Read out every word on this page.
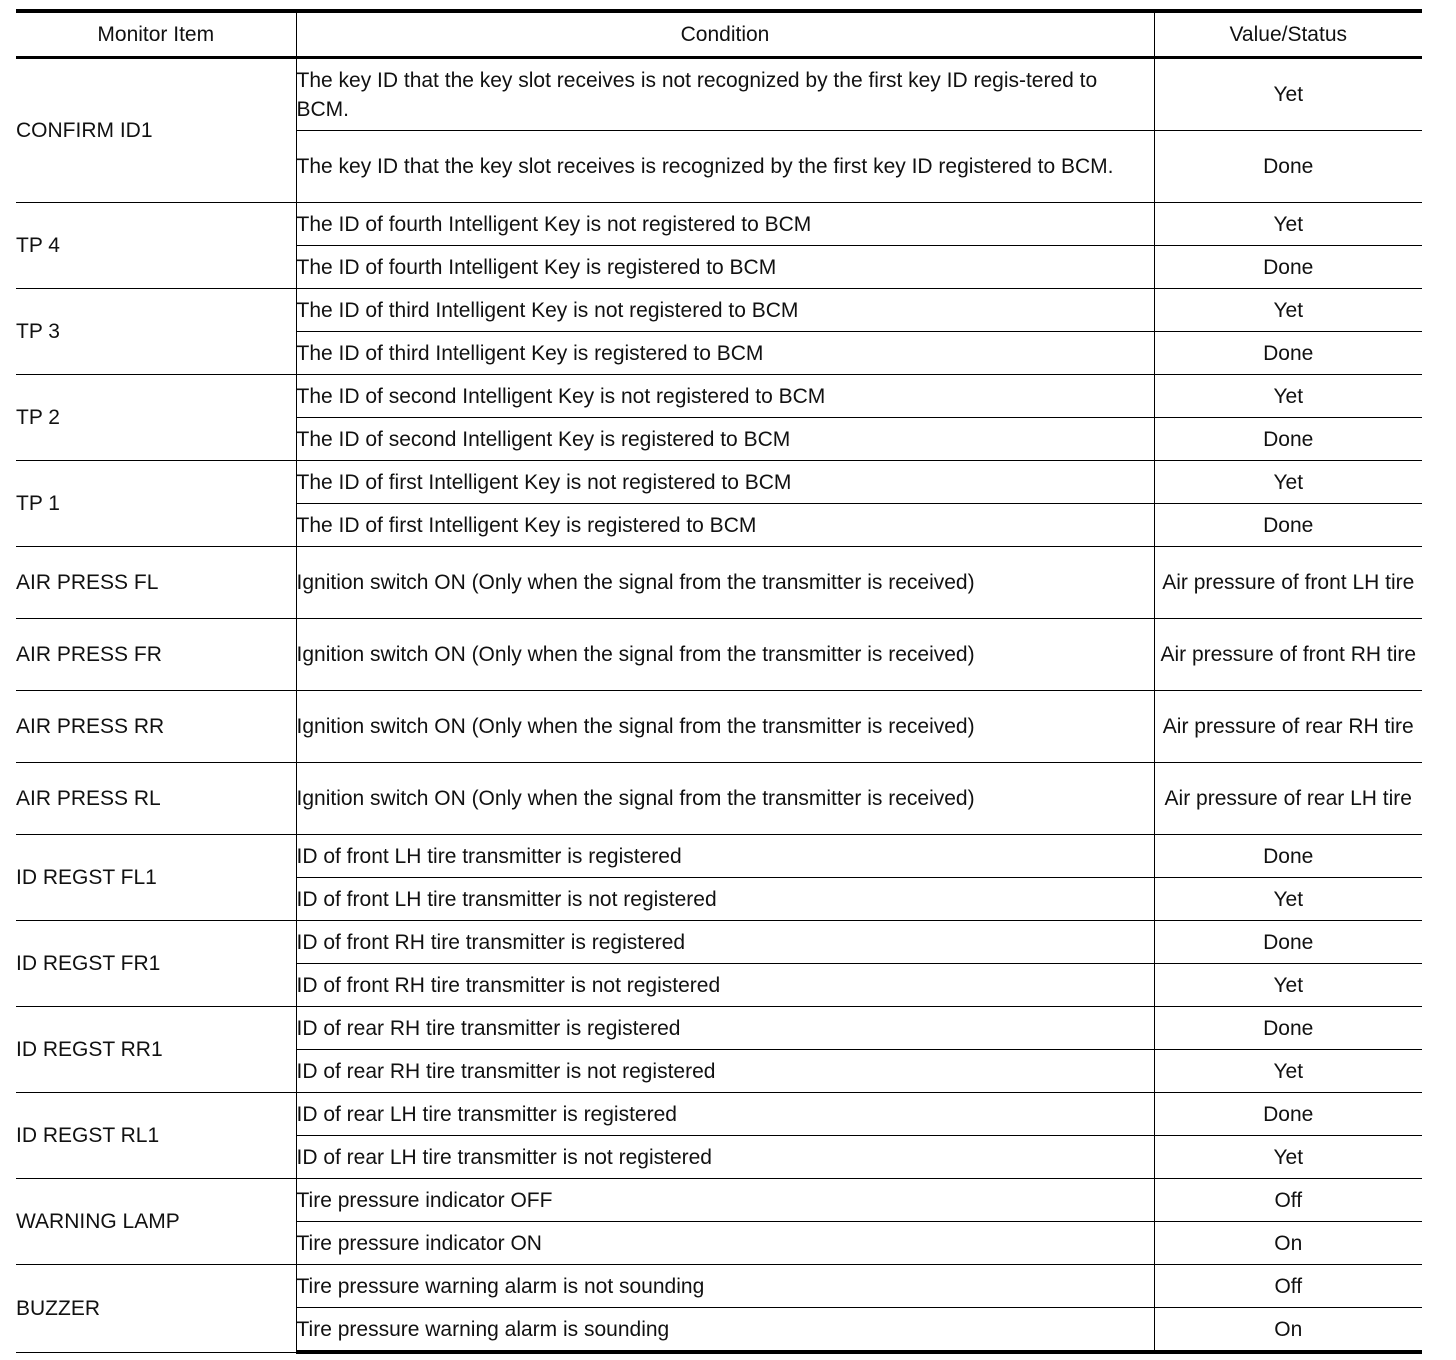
Monitor Item	Condition	Value/Status
CONFIRM ID1	The key ID that the key slot receives is not recognized by the first key ID regis-tered to BCM.	Yet
	The key ID that the key slot receives is recognized by the first key ID registered to BCM.	Done
TP 4	The ID of fourth Intelligent Key is not registered to BCM	Yet
	The ID of fourth Intelligent Key is registered to BCM	Done
TP 3	The ID of third Intelligent Key is not registered to BCM	Yet
	The ID of third Intelligent Key is registered to BCM	Done
TP 2	The ID of second Intelligent Key is not registered to BCM	Yet
	The ID of second Intelligent Key is registered to BCM	Done
TP 1	The ID of first Intelligent Key is not registered to BCM	Yet
	The ID of first Intelligent Key is registered to BCM	Done
AIR PRESS FL	Ignition switch ON (Only when the signal from the transmitter is received)	Air pressure of front LH tire
AIR PRESS FR	Ignition switch ON (Only when the signal from the transmitter is received)	Air pressure of front RH tire
AIR PRESS RR	Ignition switch ON (Only when the signal from the transmitter is received)	Air pressure of rear RH tire
AIR PRESS RL	Ignition switch ON (Only when the signal from the transmitter is received)	Air pressure of rear LH tire
ID REGST FL1	ID of front LH tire transmitter is registered	Done
	ID of front LH tire transmitter is not registered	Yet
ID REGST FR1	ID of front RH tire transmitter is registered	Done
	ID of front RH tire transmitter is not registered	Yet
ID REGST RR1	ID of rear RH tire transmitter is registered	Done
	ID of rear RH tire transmitter is not registered	Yet
ID REGST RL1	ID of rear LH tire transmitter is registered	Done
	ID of rear LH tire transmitter is not registered	Yet
WARNING LAMP	Tire pressure indicator OFF	Off
	Tire pressure indicator ON	On
BUZZER	Tire pressure warning alarm is not sounding	Off
	Tire pressure warning alarm is sounding	On
